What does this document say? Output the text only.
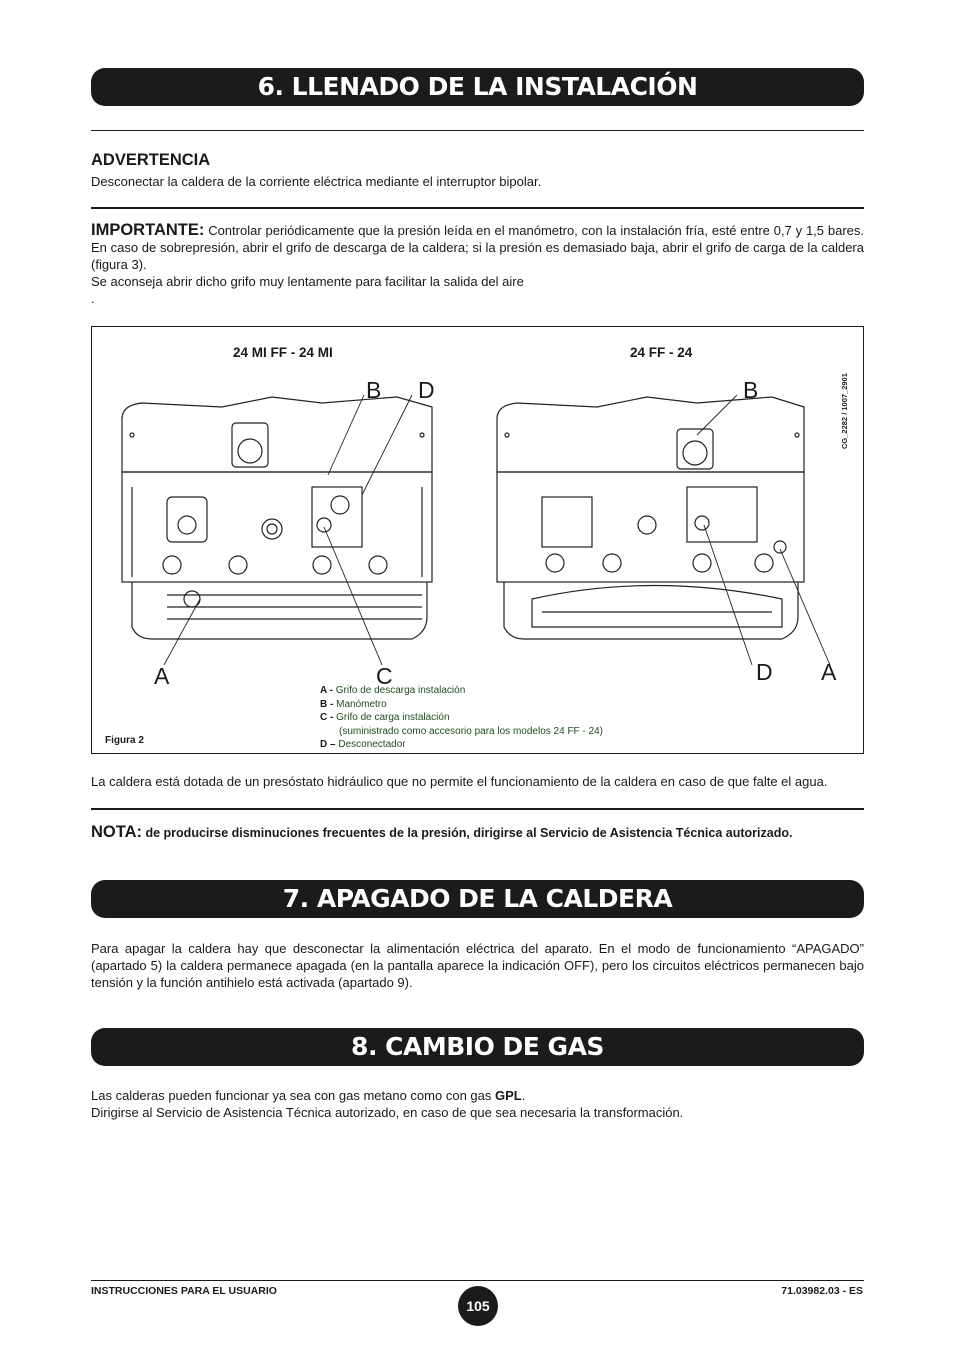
6. LLENADO DE LA INSTALACIÓN
ADVERTENCIA
Desconectar la caldera de la corriente eléctrica mediante el interruptor bipolar.
IMPORTANTE: Controlar periódicamente que la presión leída en el manómetro, con la instalación fría, esté entre 0,7 y 1,5 bares. En caso de sobrepresión, abrir el grifo de descarga de la caldera; si la presión es demasiado baja, abrir el grifo de carga de la caldera (figura 3).
Se aconseja abrir dicho grifo muy lentamente para facilitar la salida del aire
.
24 MI FF - 24 MI	24 FF - 24
CG_2282 / 1007_2901
B D
A	C
B
D A
A - Grifo de descarga instalación
B - Manómetro
C - Grifo de carga instalación
(suministrado como accesorio para los modelos 24 FF - 24)
D – Desconectador
Figura 2
La caldera está dotada de un presóstato hidráulico que no permite el funcionamiento de la caldera en caso de que falte el agua.
NOTA: de producirse disminuciones frecuentes de la presión, dirigirse al Servicio de Asistencia Técnica autorizado.
7. APAGADO DE LA CALDERA
Para apagar la caldera hay que desconectar la alimentación eléctrica del aparato. En el modo de funcionamiento “APAGADO” (apartado 5) la caldera permanece apagada (en la pantalla aparece la indicación OFF), pero los circuitos eléctricos permanecen bajo tensión y la función antihielo está activada (apartado 9).
8. CAMBIO DE GAS
Las calderas pueden funcionar ya sea con gas metano como con gas GPL.
Dirigirse al Servicio de Asistencia Técnica autorizado, en caso de que sea necesaria la transformación.
INSTRUCCIONES PARA EL USUARIO
105
71.03982.03 - ES
